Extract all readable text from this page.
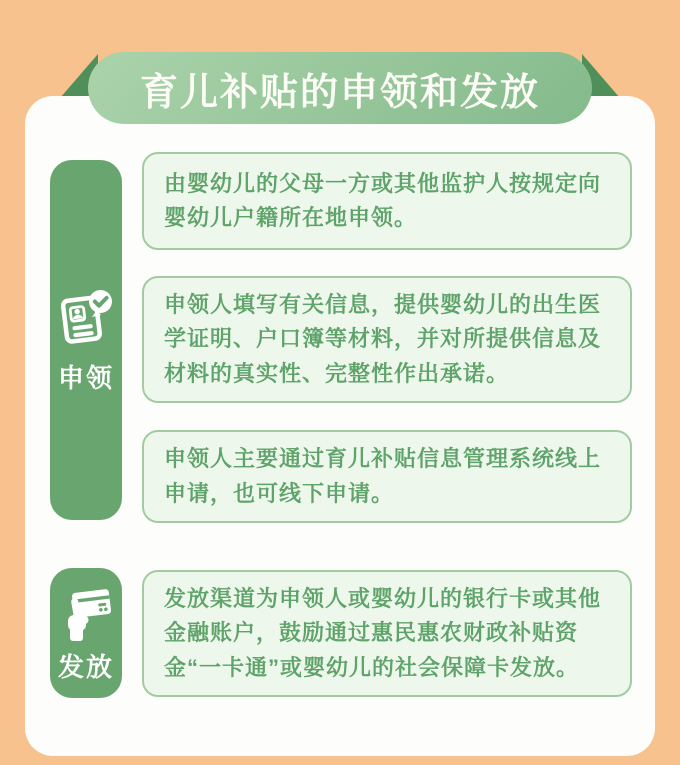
申领

由婴幼儿的父母一方或其他监护人按规定向婴幼儿户籍所在地申领。

申领人填写有关信息，提供婴幼儿的出生医学证明、户口簿等材料，并对所提供信息及材料的真实性、完整性作出承诺。

申领人主要通过育儿补贴信息管理系统线上申请，也可线下申请。

发放

发放渠道为申领人或婴幼儿的银行卡或其他金融账户，鼓励通过惠民惠农财政补贴资金“一卡通”或婴幼儿的社会保障卡发放。

育儿补贴的申领和发放
